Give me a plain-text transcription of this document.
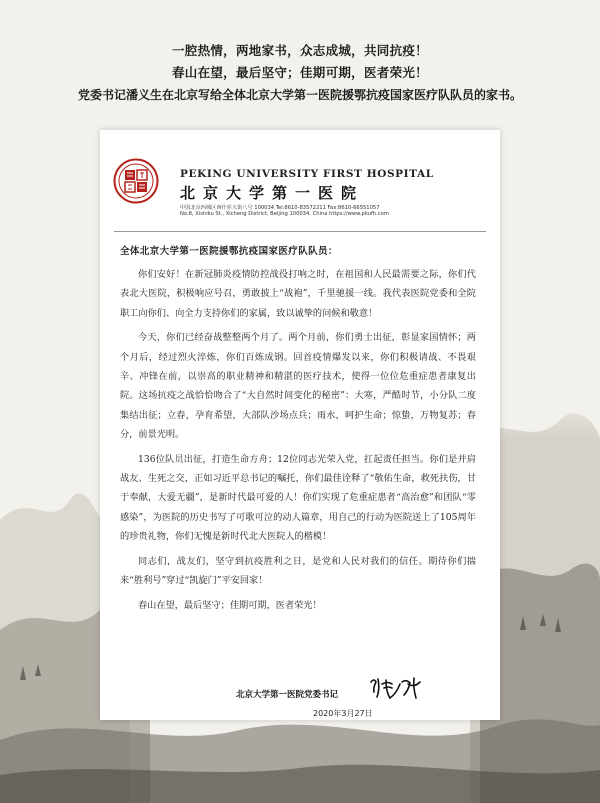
一腔热情，两地家书，众志成城，共同抗疫！
春山在望，最后坚守；佳期可期，医者荣光！
党委书记潘义生在北京写给全体北京大学第一医院援鄂抗疫国家医疗队队员的家书。
PEKING UNIVERSITY FIRST HOSPITAL
北京大学第一医院
中国北京西城区西什库大街八号 100034 Tel:8610-83572211 Fax:8610-66551057
No.8, Xishiku St., Xicheng District, Beijing 100034, China https://www.pkufh.com
全体北京大学第一医院援鄂抗疫国家医疗队队员：

你们安好！在新冠肺炎疫情防控战役打响之时，在祖国和人民最需要之际，你们代表北大医院，积极响应号召，勇敢披上“战袍”，千里驰援一线。我代表医院党委和全院职工向你们、向全力支持你们的家属，致以诚挚的问候和敬意！

今天，你们已经奋战整整两个月了。两个月前，你们勇士出征，彰显家国情怀；两个月后，经过烈火淬炼，你们百炼成钢。回首疫情爆发以来，你们积极请战、不畏艰辛、冲锋在前，以崇高的职业精神和精湛的医疗技术，使得一位位危重症患者康复出院。这场抗疫之战恰恰吻合了“大自然时间变化的秘密”：大寒，严酷时节，小分队二度集结出征；立春，孕育希望，大部队沙场点兵；雨水，呵护生命；惊蛰，万物复苏；春分，前景光明。

136位队员出征，打造生命方舟；12位同志光荣入党，扛起责任担当。你们是并肩战友、生死之交，正如习近平总书记的嘱托，你们最佳诠释了“敬佑生命，救死扶伤，甘于奉献，大爱无疆”，是新时代最可爱的人！你们实现了危重症患者“高治愈”和团队“零感染”，为医院的历史书写了可歌可泣的动人篇章，用自己的行动为医院送上了105周年的珍贵礼物，你们无愧是新时代北大医院人的楷模！

同志们，战友们，坚守到抗疫胜利之日，是党和人民对我们的信任。期待你们揣来“胜利号”穿过“凯旋门”平安回家！

春山在望，最后坚守；佳期可期，医者荣光！

北京大学第一医院党委书记
2020年3月27日
